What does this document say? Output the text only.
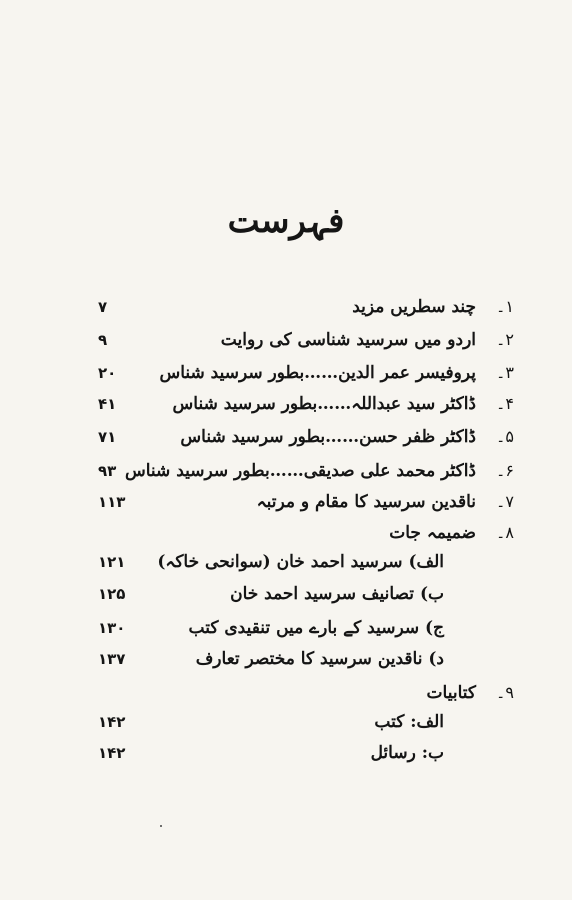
فہرست
۱۔
چند سطریں مزید
۷
۲۔
اردو میں سرسید شناسی کی روایت
۹
۳۔
پروفیسر عمر الدین……بطور سرسید شناس
۲۰
۴۔
ڈاکٹر سید عبداللہ……بطور سرسید شناس
۴۱
۵۔
ڈاکٹر ظفر حسن……بطور سرسید شناس
۷۱
۶۔
ڈاکٹر محمد علی صدیقی……بطور سرسید شناس
۹۳
۷۔
ناقدین سرسید کا مقام و مرتبہ
۱۱۳
۸۔
ضمیمہ جات
الف) سرسید احمد خان (سوانحی خاکہ)
۱۲۱
ب) تصانیف سرسید احمد خان
۱۲۵
ج) سرسید کے بارے میں تنقیدی کتب
۱۳۰
د) ناقدین سرسید کا مختصر تعارف
۱۳۷
۹۔
کتابیات
الف: کتب
۱۴۲
ب: رسائل
۱۴۲
